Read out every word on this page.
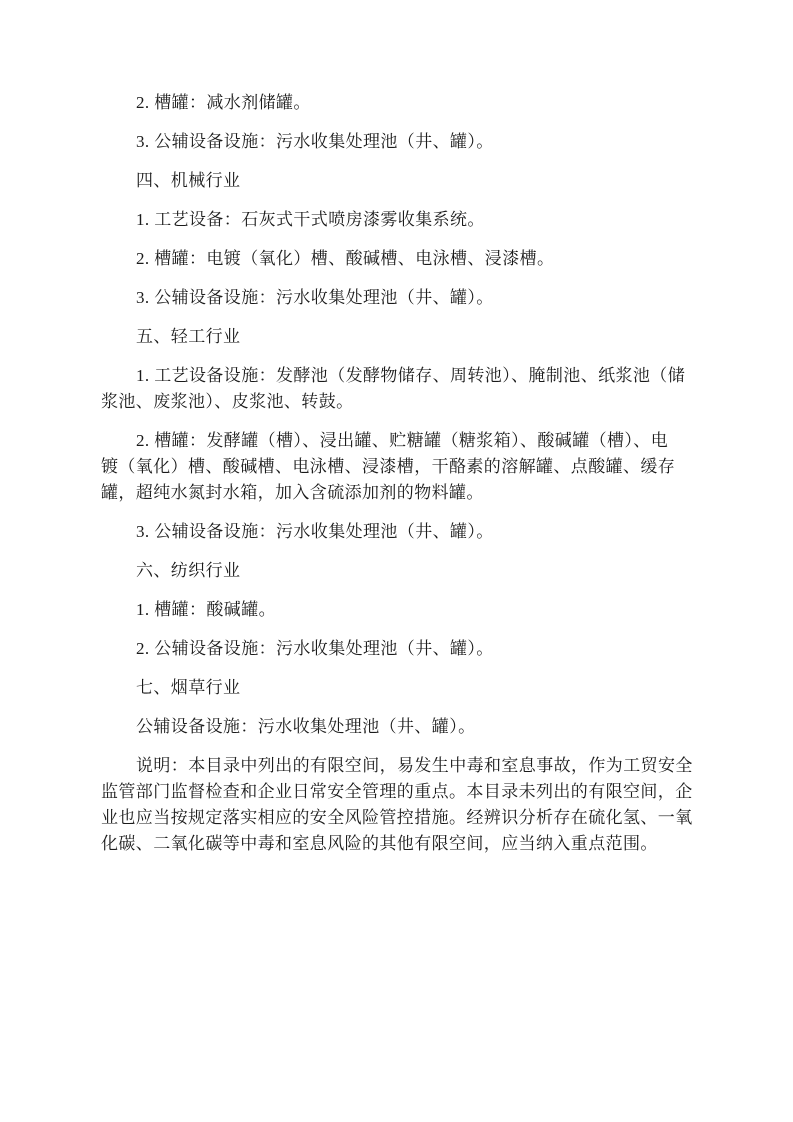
2. 槽罐：减水剂储罐。

3. 公辅设备设施：污水收集处理池（井、罐）。

四、机械行业

1. 工艺设备：石灰式干式喷房漆雾收集系统。

2. 槽罐：电镀（氧化）槽、酸碱槽、电泳槽、浸漆槽。

3. 公辅设备设施：污水收集处理池（井、罐）。

五、轻工行业

1. 工艺设备设施：发酵池（发酵物储存、周转池）、腌制池、纸浆池（储
浆池、废浆池）、皮浆池、转鼓。

2. 槽罐：发酵罐（槽）、浸出罐、贮糖罐（糖浆箱）、酸碱罐（槽）、电
镀（氧化）槽、酸碱槽、电泳槽、浸漆槽，干酪素的溶解罐、点酸罐、缓存
罐，超纯水氮封水箱，加入含硫添加剂的物料罐。

3. 公辅设备设施：污水收集处理池（井、罐）。

六、纺织行业

1. 槽罐：酸碱罐。

2. 公辅设备设施：污水收集处理池（井、罐）。

七、烟草行业

公辅设备设施：污水收集处理池（井、罐）。

说明：本目录中列出的有限空间，易发生中毒和室息事故，作为工贸安全
监管部门监督检查和企业日常安全管理的重点。本目录未列出的有限空间，企
业也应当按规定落实相应的安全风险管控措施。经辨识分析存在硫化氢、一氧
化碳、二氧化碳等中毒和室息风险的其他有限空间，应当纳入重点范围。
